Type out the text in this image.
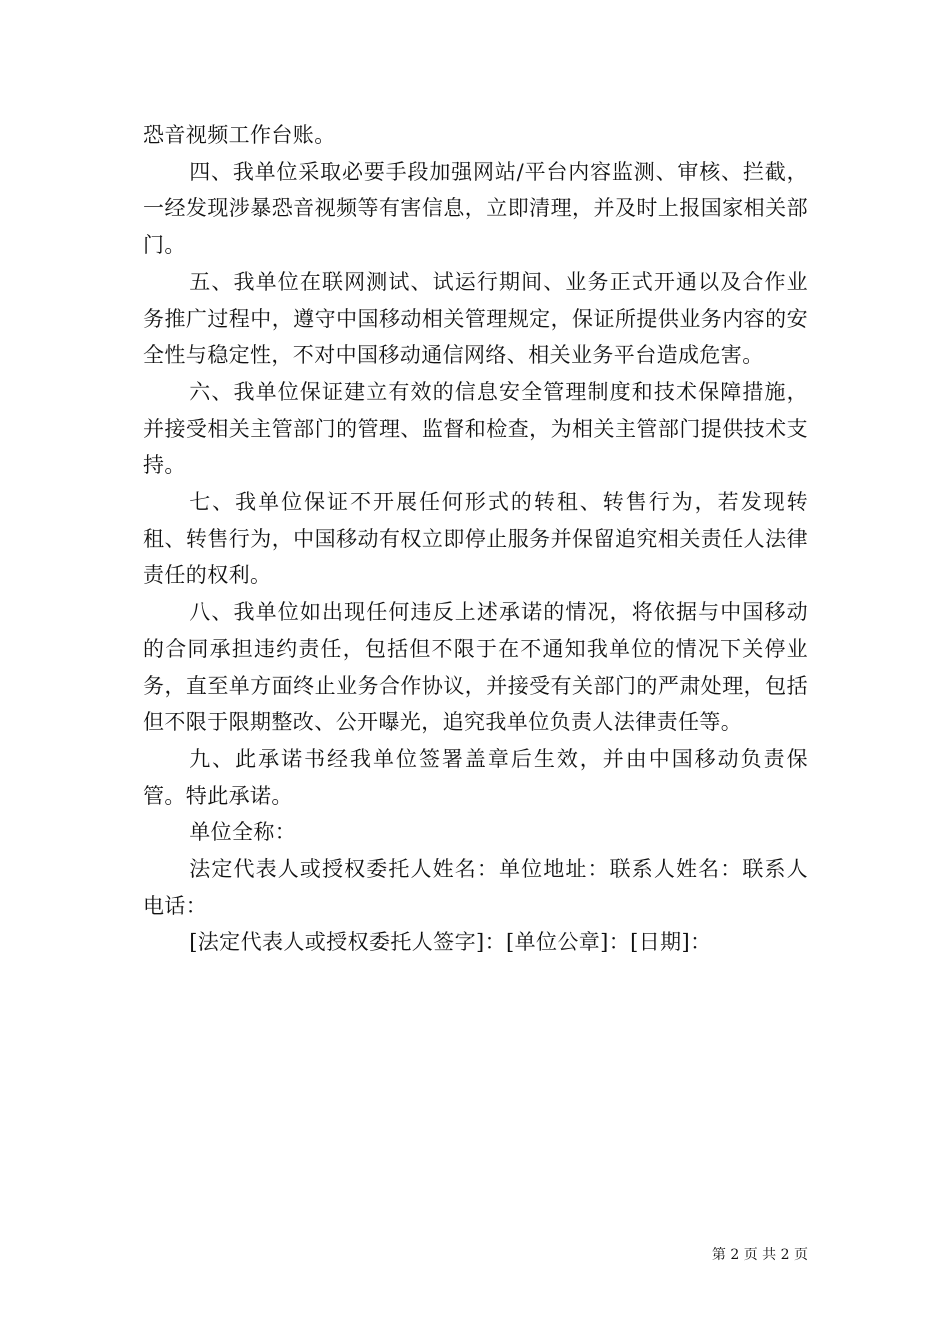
恐音视频工作台账。

四、我单位采取必要手段加强网站/平台内容监测、审核、拦截，一经发现涉暴恐音视频等有害信息，立即清理，并及时上报国家相关部门。

五、我单位在联网测试、试运行期间、业务正式开通以及合作业务推广过程中，遵守中国移动相关管理规定，保证所提供业务内容的安全性与稳定性，不对中国移动通信网络、相关业务平台造成危害。

六、我单位保证建立有效的信息安全管理制度和技术保障措施，并接受相关主管部门的管理、监督和检查，为相关主管部门提供技术支持。

七、我单位保证不开展任何形式的转租、转售行为，若发现转租、转售行为，中国移动有权立即停止服务并保留追究相关责任人法律责任的权利。

八、我单位如出现任何违反上述承诺的情况，将依据与中国移动的合同承担违约责任，包括但不限于在不通知我单位的情况下关停业务，直至单方面终止业务合作协议，并接受有关部门的严肃处理，包括但不限于限期整改、公开曝光，追究我单位负责人法律责任等。

九、此承诺书经我单位签署盖章后生效，并由中国移动负责保管。特此承诺。

单位全称：

法定代表人或授权委托人姓名：单位地址：联系人姓名：联系人电话：

[法定代表人或授权委托人签字]：[单位公章]：[日期]：

第 2 页 共 2 页
